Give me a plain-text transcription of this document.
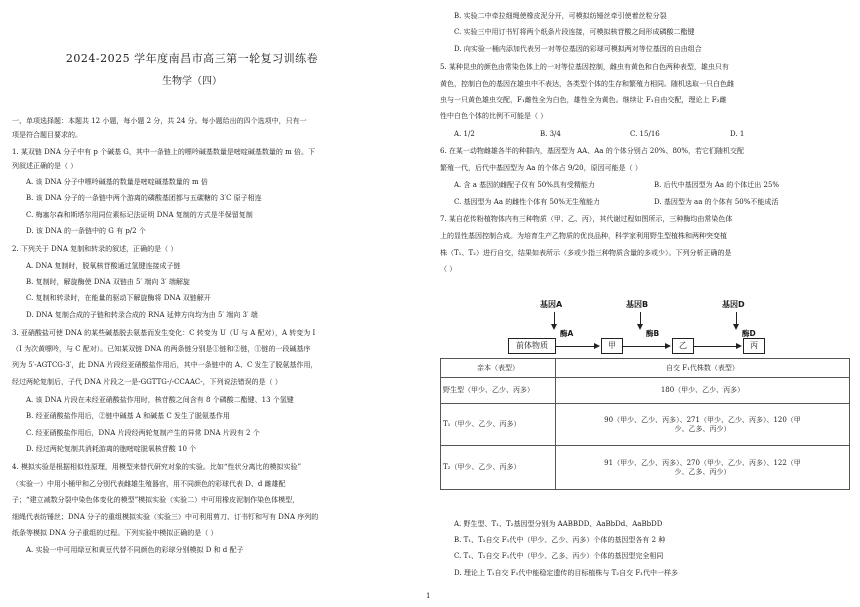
2024-2025 学年度南昌市高三第一轮复习训练卷
生物学（四）
一、单项选择题：本题共 12 小题，每小题 2 分，共 24 分。每小题给出的四个选项中，只有一
项是符合题目要求的。
1. 某双链 DNA 分子中有 p 个碱基 G，其中一条链上的嘌呤碱基数量是嘧啶碱基数量的 m 倍。下
列叙述正确的是（ ）
A. 该 DNA 分子中嘌呤碱基的数量是嘧啶碱基数量的 m 倍
B. 该 DNA 分子的一条链中两个游离的磷酸基团都与五碳糖的 3′C 原子相连
C. 梅塞尔森和斯塔尔用同位素标记法证明 DNA 复制的方式是半保留复制
D. 该 DNA 的一条链中的 G 有 p/2 个
2. 下列关于 DNA 复制和转录的叙述，正确的是（ ）
A. DNA 复制时，脱氧核苷酸通过氢键连接成子链
B. 复制时，解旋酶使 DNA 双链由 5′ 端向 3′ 端解旋
C. 复制和转录时，在能量的驱动下解旋酶将 DNA 双链解开
D. DNA 复制合成的子链和转录合成的 RNA 延伸方向均为由 5′ 端向 3′ 端
3. 亚硝酸盐可使 DNA 的某些碱基脱去氨基而发生变化：C 转变为 U（U 与 A 配对），A 转变为 I
（I 为次黄嘌呤，与 C 配对）。已知某双链 DNA 的两条链分别是①链和②链，①链的一段碱基序
列为 5′-AGTCG-3′，此 DNA 片段经亚硝酸盐作用后，其中一条链中的 A、C 发生了脱氨基作用，
经过两轮复制后，子代 DNA 片段之一是-GGTTG-/-CCAAC-，下列说法错误的是（ ）
A. 该 DNA 片段在未经亚硝酸盐作用时，核苷酸之间含有 8 个磷酸二酯键、13 个氢键
B. 经亚硝酸盐作用后，②链中碱基 A 和碱基 C 发生了脱氨基作用
C. 经亚硝酸盐作用后，DNA 片段经两轮复制产生的异常 DNA 片段有 2 个
D. 经过两轮复制共消耗游离的胞嘧啶脱氧核苷酸 10 个
4. 模拟实验是根据相似性原理，用模型来替代研究对象的实验。比如“性状分离比的模拟实验”
（实验一）中用小桶甲和乙分别代表雌雄生殖器官，用不同颜色的彩球代表 D、d 雌雄配
子；“建立减数分裂中染色体变化的模型”模拟实验（实验二）中可用橡皮泥制作染色体模型，
细绳代表纺锤丝；DNA 分子的重组模拟实验（实验三）中可利用剪刀、订书钉和写有 DNA 序列的
纸条等模拟 DNA 分子重组的过程。下列实验中模拟正确的是（ ）
A. 实验一中可用绿豆和黄豆代替不同颜色的彩球分别模拟 D 和 d 配子
B. 实验二中牵拉细绳使橡皮泥分开，可模拟纺锤丝牵引使着丝粒分裂
C. 实验三中用订书钉将两个纸条片段连接，可模拟核苷酸之间形成磷酸二酯键
D. 向实验一桶内添加代表另一对等位基因的彩球可模拟两对等位基因的自由组合
5. 某种昆虫的颜色由常染色体上的一对等位基因控制，雌虫有黄色和白色两种表型，雄虫只有
黄色，控制白色的基因在雄虫中不表达，各类型个体的生存和繁殖力相同。随机选取一只白色雌
虫与一只黄色雄虫交配，F₁雌性全为白色，雄性全为黄色。继续让 F₁自由交配，理论上 F₂雌
性中白色个体的比例不可能是（ ）
A. 1/2	B. 3/4	C. 15/16	D. 1
6. 在某一动物雌雄各半的种群内，基因型为 AA、Aa 的个体分别占 20%、80%，若它们随机交配
繁殖一代，后代中基因型为 Aa 的个体占 9/20，原因可能是（ ）
A. 含 a 基因的雌配子仅有 50%具有受精能力	B. 后代中基因型为 Aa 的个体迁出 25%
C. 基因型为 Aa 的雌性个体有 50%无生殖能力	D. 基因型为 aa 的个体有 50%不能成活
7. 某自花传粉植物体内有三种物质（甲、乙、丙），其代谢过程如图所示，三种酶均由常染色体
上的显性基因控制合成。为培育生产乙物质的优良品种，科学家利用野生型植株和两种突变植
株（T₁、T₂）进行自交，结果如表所示（多或少指三种物质含量的多或少）。下列分析正确的是
（ ）
基因A	基因B	基因D
酶A	酶B	酶D
前体物质	甲	乙	丙
亲本（表型）	自交 F₁代株数（表型）
野生型（甲少、乙少、丙多）	180（甲少、乙少、丙多）
T₁（甲少、乙少、丙多）	90（甲少、乙少、丙多）、271（甲少、乙少、丙多）、120（甲
少、乙多、丙少）

T₂（甲少、乙少、丙多）	91（甲少、乙少、丙多）、270（甲少、乙少、丙多）、122（甲
少、乙多、丙少）
A. 野生型、T₁、T₂基因型分别为 AABBDD、AaBbDd、AaBbDD
B. T₁、T₂自交 F₁代中（甲少、乙少、丙多）个体的基因型各有 2 种
C. T₁、T₂自交 F₁代中（甲少、乙多、丙少）个体的基因型完全相同
D. 理论上 T₁自交 F₁代中能稳定遗传的目标植株与 T₂自交 F₁代中一样多
1
